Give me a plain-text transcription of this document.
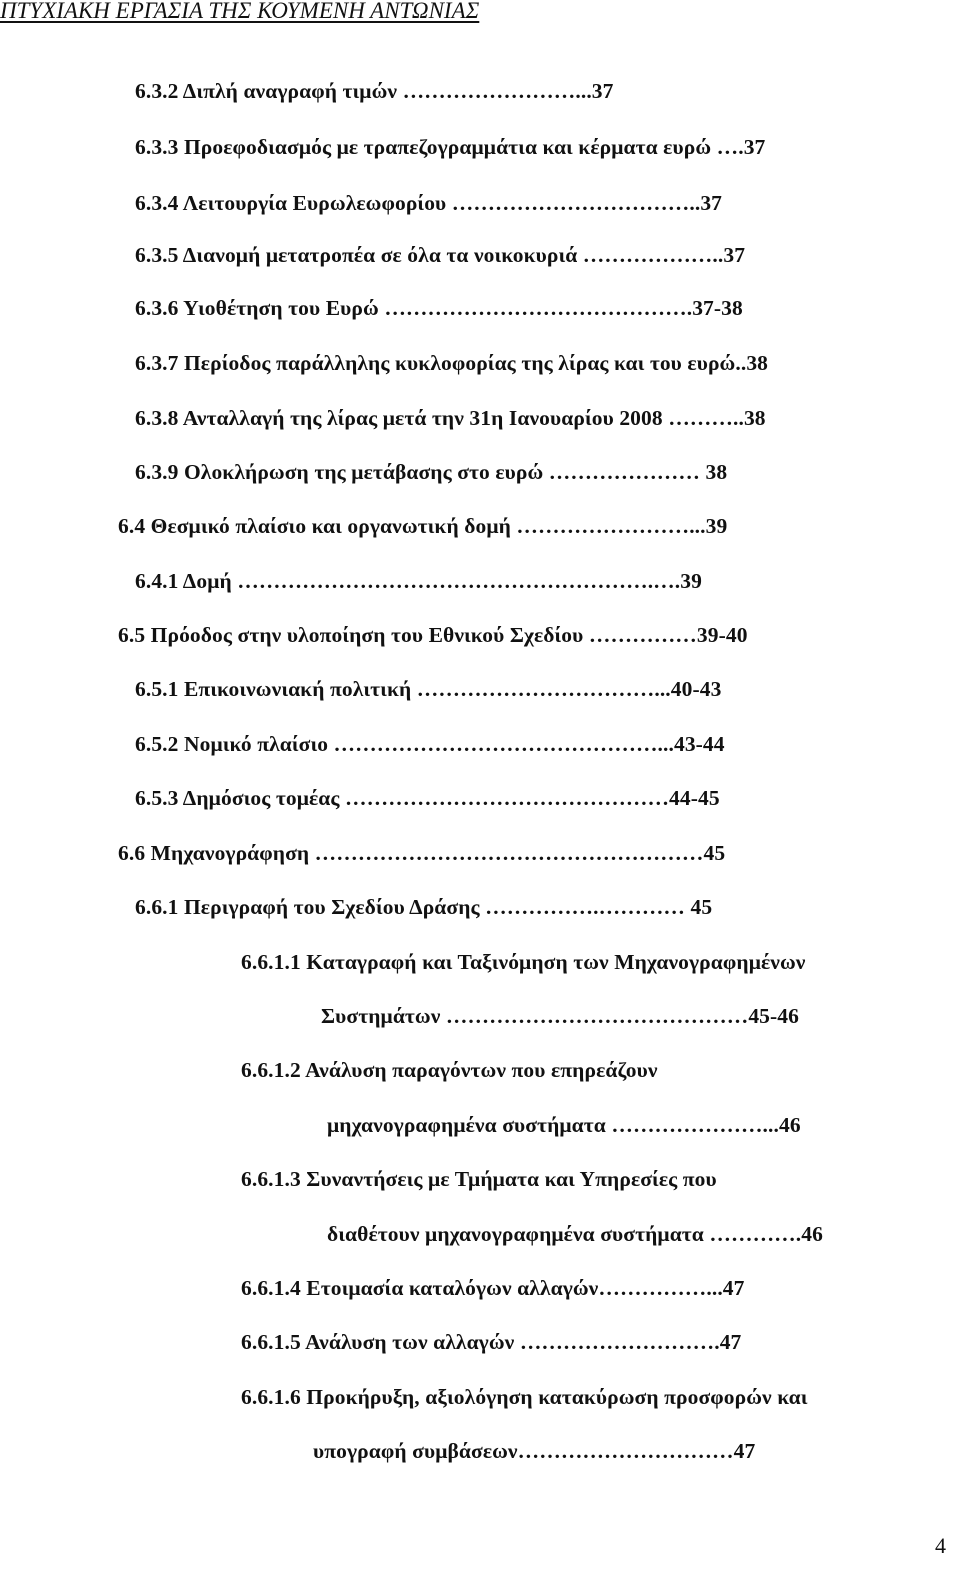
ΠΤΥΧΙΑΚΗ ΕΡΓΑΣΙΑ ΤΗΣ ΚΟΥΜΕΝΗ ΑΝΤΩΝΙΑΣ
6.3.2 Διπλή αναγραφή τιμών ……………………...37
6.3.3 Προεφοδιασμός με τραπεζογραμμάτια και κέρματα ευρώ ….37
6.3.4 Λειτουργία Ευρωλεωφορίου ……………………………..37
6.3.5 Διανομή μετατροπέα σε όλα τα νοικοκυριά ………………..37
6.3.6 Υιοθέτηση του Ευρώ …………………………………….37-38
6.3.7 Περίοδος παράλληλης κυκλοφορίας της λίρας και του ευρώ..38
6.3.8 Ανταλλαγή της λίρας μετά την 31η Ιανουαρίου 2008 ………..38
6.3.9 Ολοκλήρωση της μετάβασης στο ευρώ ………………… 38
6.4 Θεσμικό πλαίσιο και οργανωτική δομή ……………………...39
6.4.1 Δομή ………………………………………………….….39
6.5 Πρόοδος στην υλοποίηση του Εθνικού Σχεδίου ……………39-40
6.5.1 Επικοινωνιακή πολιτική ……………………………...40-43
6.5.2 Νομικό πλαίσιο ………………………………………...43-44
6.5.3 Δημόσιος τομέας ………………………………………44-45
6.6 Μηχανογράφηση ………………………………………………45
6.6.1 Περιγραφή του Σχεδίου Δράσης …………….………… 45
6.6.1.1 Καταγραφή και Ταξινόμηση των Μηχανογραφημένων
Συστημάτων ……………………………………45-46
6.6.1.2 Ανάλυση παραγόντων που επηρεάζουν
μηχανογραφημένα συστήματα …………………...46
6.6.1.3 Συναντήσεις με Τμήματα και Υπηρεσίες που
διαθέτουν μηχανογραφημένα συστήματα ………….46
6.6.1.4 Ετοιμασία καταλόγων αλλαγών……………...47
6.6.1.5 Ανάλυση των αλλαγών ……………………….47
6.6.1.6 Προκήρυξη, αξιολόγηση κατακύρωση προσφορών και
υπογραφή συμβάσεων…………………………47
4
